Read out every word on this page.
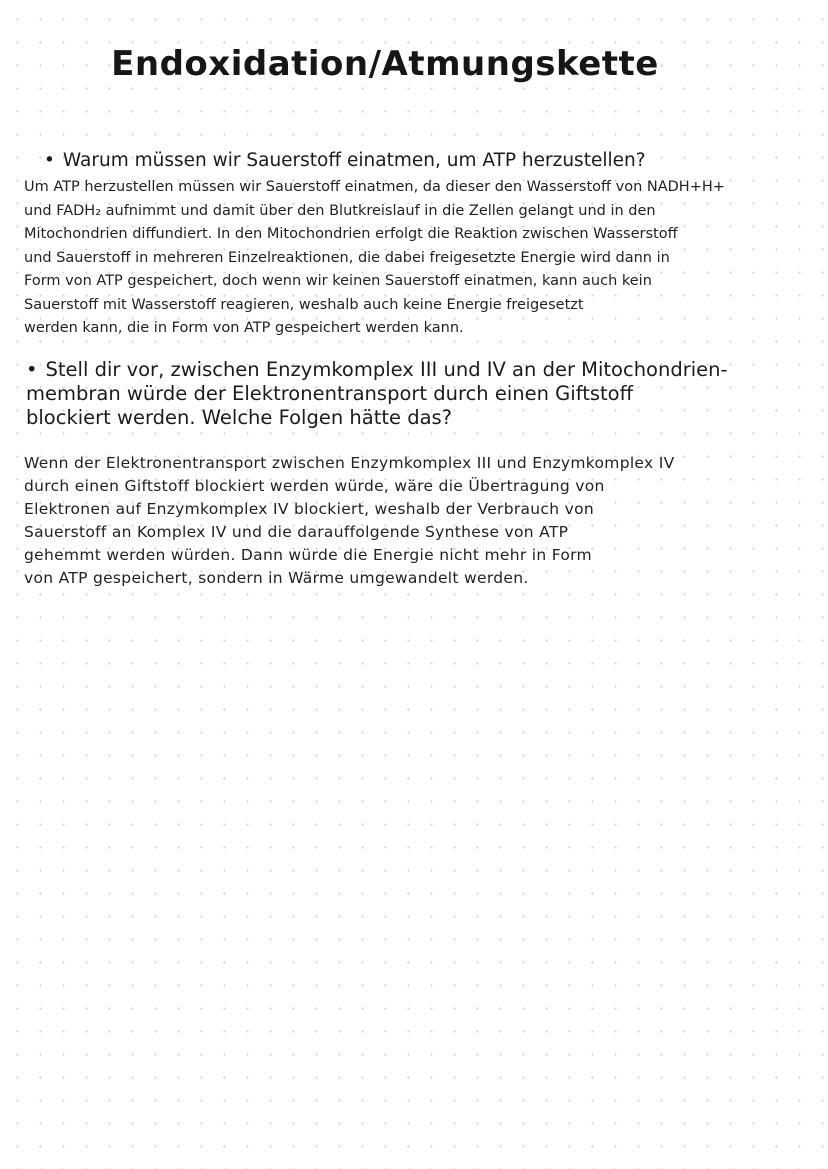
Endoxidation/Atmungskette

• Warum müssen wir Sauerstoff einatmen, um ATP herzustellen?

Um ATP herzustellen müssen wir Sauerstoff einatmen, da dieser den Wasserstoff von NADH+H+
und FADH₂ aufnimmt und damit über den Blutkreislauf in die Zellen gelangt und in den
Mitochondrien diffundiert. In den Mitochondrien erfolgt die Reaktion zwischen Wasserstoff
und Sauerstoff in mehreren Einzelreaktionen, die dabei freigesetzte Energie wird dann in
Form von ATP gespeichert, doch wenn wir keinen Sauerstoff einatmen, kann auch kein
Sauerstoff mit Wasserstoff reagieren, weshalb auch keine Energie freigesetzt
werden kann, die in Form von ATP gespeichert werden kann.
• Stell dir vor, zwischen Enzymkomplex III und IV an der Mitochondrien-
membran würde der Elektronentransport durch einen Giftstoff
blockiert werden. Welche Folgen hätte das?
Wenn der Elektronentransport zwischen Enzymkomplex III und Enzymkomplex IV
durch einen Giftstoff blockiert werden würde, wäre die Übertragung von
Elektronen auf Enzymkomplex IV blockiert, weshalb der Verbrauch von
Sauerstoff an Komplex IV und die darauffolgende Synthese von ATP
gehemmt werden würden. Dann würde die Energie nicht mehr in Form
von ATP gespeichert, sondern in Wärme umgewandelt werden.
